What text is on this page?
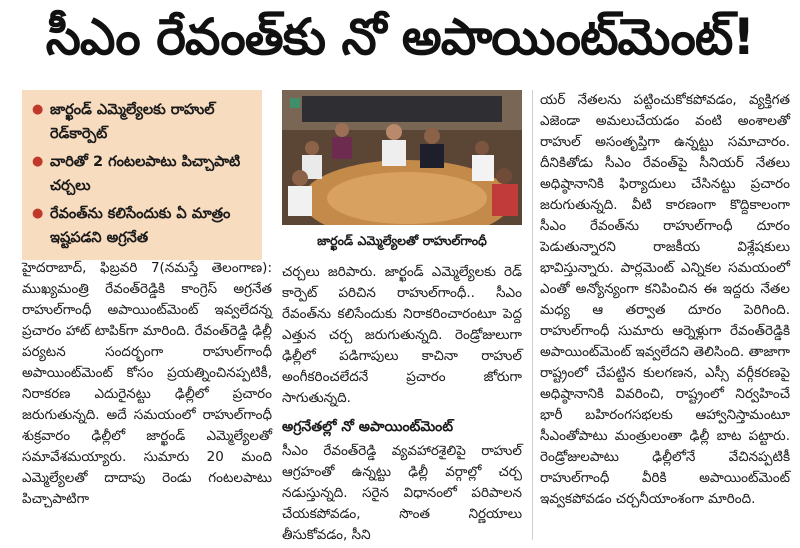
సీఎం రేవంత్‌కు నో అపాయింట్‌మెంట్!
● జార్ఖండ్ ఎమ్మెల్యేలకు రాహుల్ రెడ్‌కార్పెట్
● వారితో 2 గంటలపాటు పిచ్చాపాటి చర్చలు
● రేవంత్‌ను కలిసేందుకు ఏ మాత్రం ఇష్టపడని అగ్రనేత	జార్ఖండ్ ఎమ్మెల్యేలతో రాహుల్‌గాంధీ

హైదరాబాద్, ఫిబ్రవరి 7(నమస్తే తెలంగాణ): ముఖ్యమంత్రి రేవంత్‌రెడ్డికి కాంగ్రెస్ అగ్రనేత రాహుల్‌గాంధీ అపాయింట్‌మెంట్ ఇవ్వలేదన్న ప్రచారం హాట్ టాపిక్‌గా మారింది. రేవంత్‌రెడ్డి ఢిల్లీ పర్యటన సందర్భంగా రాహుల్‌గాంధీ అపాయింట్‌మెంట్ కోసం ప్రయత్నించినప్పటికీ, నిరాకరణ ఎదురైనట్టు ఢిల్లీలో ప్రచారం జరుగుతున్నది. అదే సమయంలో రాహుల్‌గాంధీ శుక్రవారం ఢిల్లీలో జార్ఖండ్ ఎమ్మెల్యేలతో సమావేశమయ్యారు. సుమారు 20 మంది ఎమ్మెల్యేలతో దాదాపు రెండు గంటలపాటు పిచ్చాపాటిగా

చర్చలు జరిపారు. జార్ఖండ్ ఎమ్మెల్యేలకు రెడ్ కార్పెట్ పరిచిన రాహుల్‌గాంధీ.. సీఎం రేవంత్‌ను కలిసేందుకు నిరాకరించారంటూ పెద్ద ఎత్తున చర్చ జరుగుతున్నది. రెండ్రోజులుగా ఢిల్లీలో పడిగాపులు కాచినా రాహుల్ అంగీకరించలేదనే ప్రచారం జోరుగా సాగుతున్నది.

అగ్రనేతల్లో నో అపాయింట్‌మెంట్

సీఎం రేవంత్‌రెడ్డి వ్యవహారశైలిపై రాహుల్ ఆగ్రహంతో ఉన్నట్టు ఢిల్లీ వర్గాల్లో చర్చ నడుస్తున్నది. సరైన విధానంలో పరిపాలన చేయకపోవడం, సొంత నిర్ణయాలు తీసుకోవడం, సీని

యర్ నేతలను పట్టించుకోకపోవడం, వ్యక్తిగత ఎజెండా అమలుచేయడం వంటి అంశాలతో రాహుల్ అసంతృప్తిగా ఉన్నట్టు సమాచారం. దీనికితోడు సీఎం రేవంత్‌పై సీనియర్ నేతలు అధిష్ఠానానికి ఫిర్యాదులు చేసినట్టు ప్రచారం జరుగుతున్నది. వీటి కారణంగా కొద్దికాలంగా సీఎం రేవంత్‌ను రాహుల్‌గాంధీ దూరం పెడుతున్నారని రాజకీయ విశ్లేషకులు భావిస్తున్నారు. పార్లమెంట్ ఎన్నికల సమయంలో ఎంతో అన్యోన్యంగా కనిపించిన ఈ ఇద్దరు నేతల మధ్య ఆ తర్వాత దూరం పెరిగింది. రాహుల్‌గాంధీ సుమారు ఆర్నెళ్లుగా రేవంత్‌రెడ్డికి అపాయింట్‌మెంట్ ఇవ్వలేదని తెలిసింది. తాజాగా రాష్ట్రంలో చేపట్టిన కులగణన, ఎస్సీ వర్గీకరణపై అధిష్ఠానానికి వివరించి, రాష్ట్రంలో నిర్వహించే భారీ బహిరంగసభలకు ఆహ్వానిస్తామంటూ సీఎంతోపాటు మంత్రులంతా ఢిల్లీ బాట పట్టారు. రెండ్రోజులపాటు ఢిల్లీలోనే వేచినప్పటికీ రాహుల్‌గాంధీ వీరికి అపాయింట్‌మెంట్ ఇవ్వకపోవడం చర్చనీయాంశంగా మారింది.
